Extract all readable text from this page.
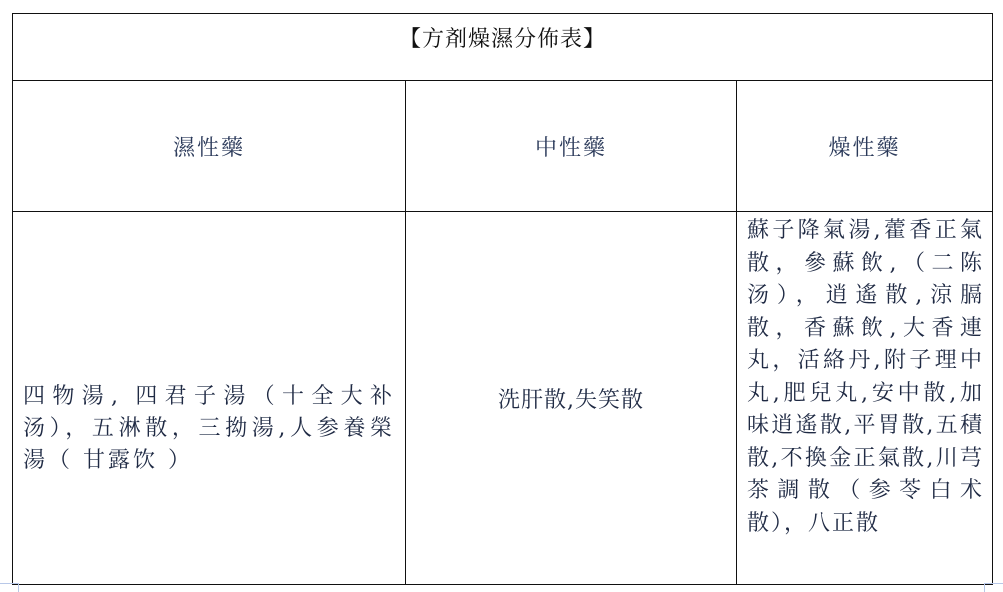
【方剤燥濕分佈表】		
濕性藥	中性藥	燥性藥

四物湯, 四君子湯（十全大补汤），五淋散，三拗湯,人参養榮湯（ 甘露饮 ）	洗肝散,失笑散	蘇子降氣湯,藿香正氣散，參蘇飲,（二陈汤），逍遙散,涼膈散，香蘇飲,大香連丸，活絡丹,附子理中丸,肥兒丸,安中散,加味逍遙散,平胃散,五積散,不換金正氣散,川芎茶調散（参苓白术散），八正散
